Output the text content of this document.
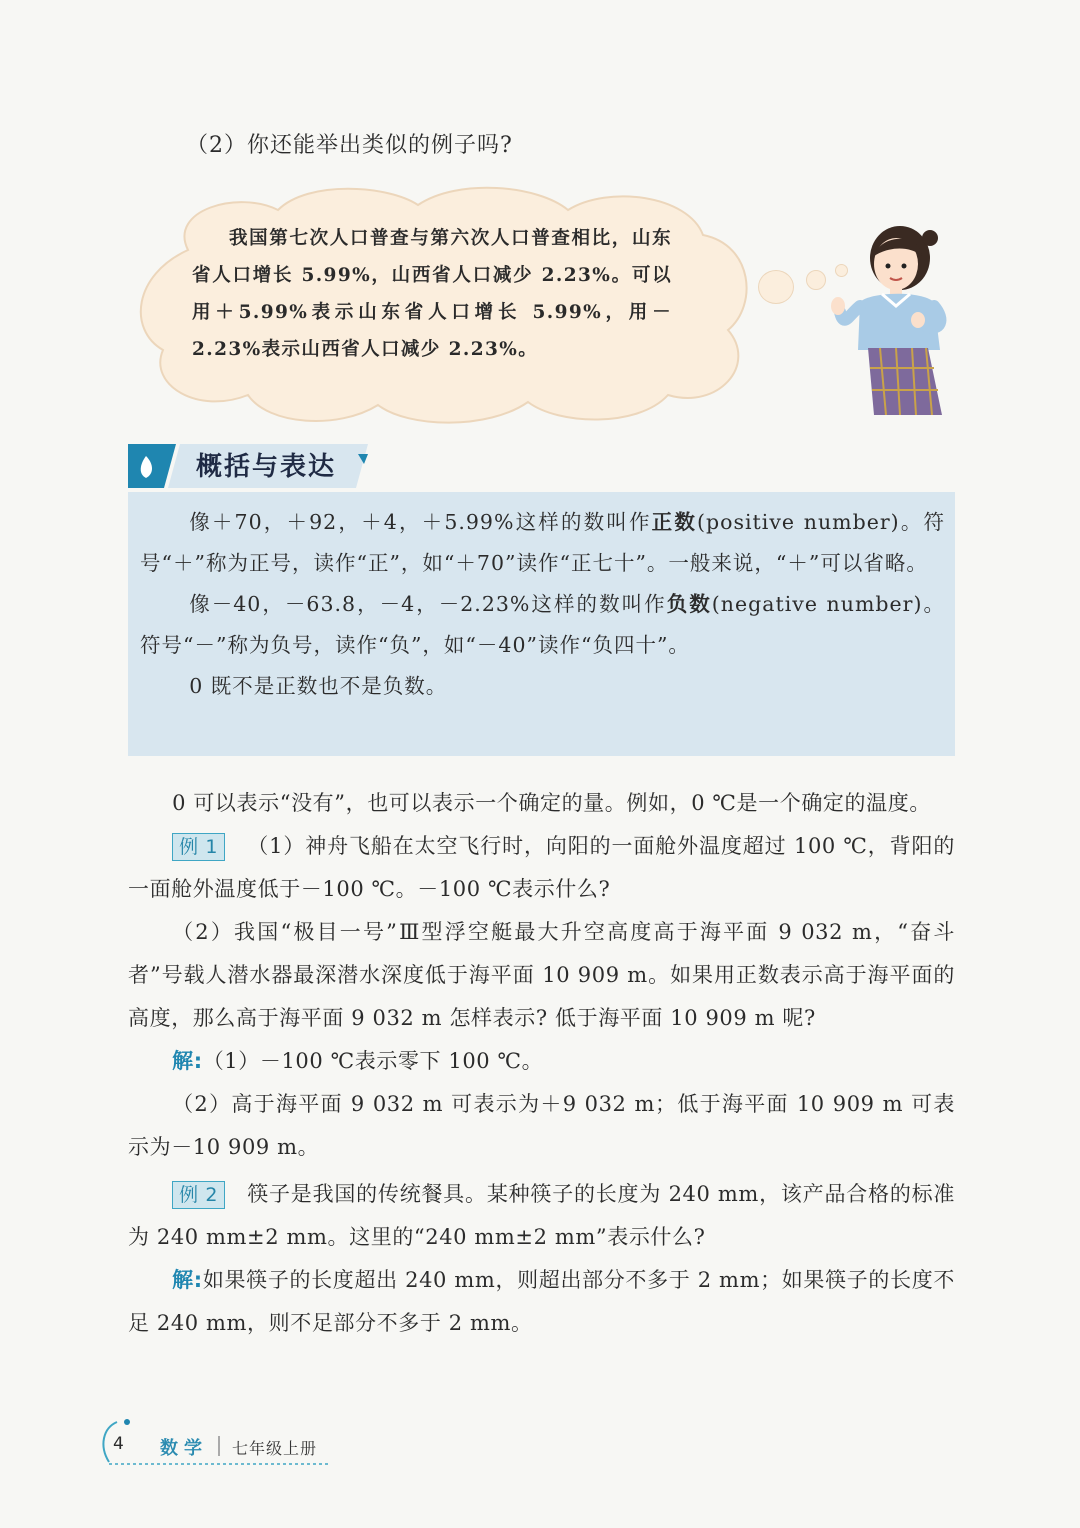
（2）你还能举出类似的例子吗?

我国第七次人口普查与第六次人口普查相比，山东省人口增长 5.99%，山西省人口减少 2.23%。可以用＋5.99%表示山东省人口增长 5.99%，用－2.23%表示山西省人口减少 2.23%。

概括与表达

像＋70，＋92，＋4，＋5.99%这样的数叫作正数(positive number)。符号“＋”称为正号，读作“正”，如“＋70”读作“正七十”。一般来说，“＋”可以省略。

像－40，－63.8，－4，－2.23%这样的数叫作负数(negative number)。符号“－”称为负号，读作“负”，如“－40”读作“负四十”。

0 既不是正数也不是负数。

0 可以表示“没有”，也可以表示一个确定的量。例如，0 ℃是一个确定的温度。

例 1 （1）神舟飞船在太空飞行时，向阳的一面舱外温度超过 100 ℃，背阳的一面舱外温度低于－100 ℃。－100 ℃表示什么?

（2）我国“极目一号”Ⅲ型浮空艇最大升空高度高于海平面 9 032 m，“奋斗者”号载人潜水器最深潜水深度低于海平面 10 909 m。如果用正数表示高于海平面的高度，那么高于海平面 9 032 m 怎样表示? 低于海平面 10 909 m 呢?

解:（1）－100 ℃表示零下 100 ℃。

（2）高于海平面 9 032 m 可表示为＋9 032 m；低于海平面 10 909 m 可表示为－10 909 m。

例 2 筷子是我国的传统餐具。某种筷子的长度为 240 mm，该产品合格的标准为 240 mm±2 mm。这里的“240 mm±2 mm”表示什么?

解:如果筷子的长度超出 240 mm，则超出部分不多于 2 mm；如果筷子的长度不足 240 mm，则不足部分不多于 2 mm。

4 数学 七年级上册
